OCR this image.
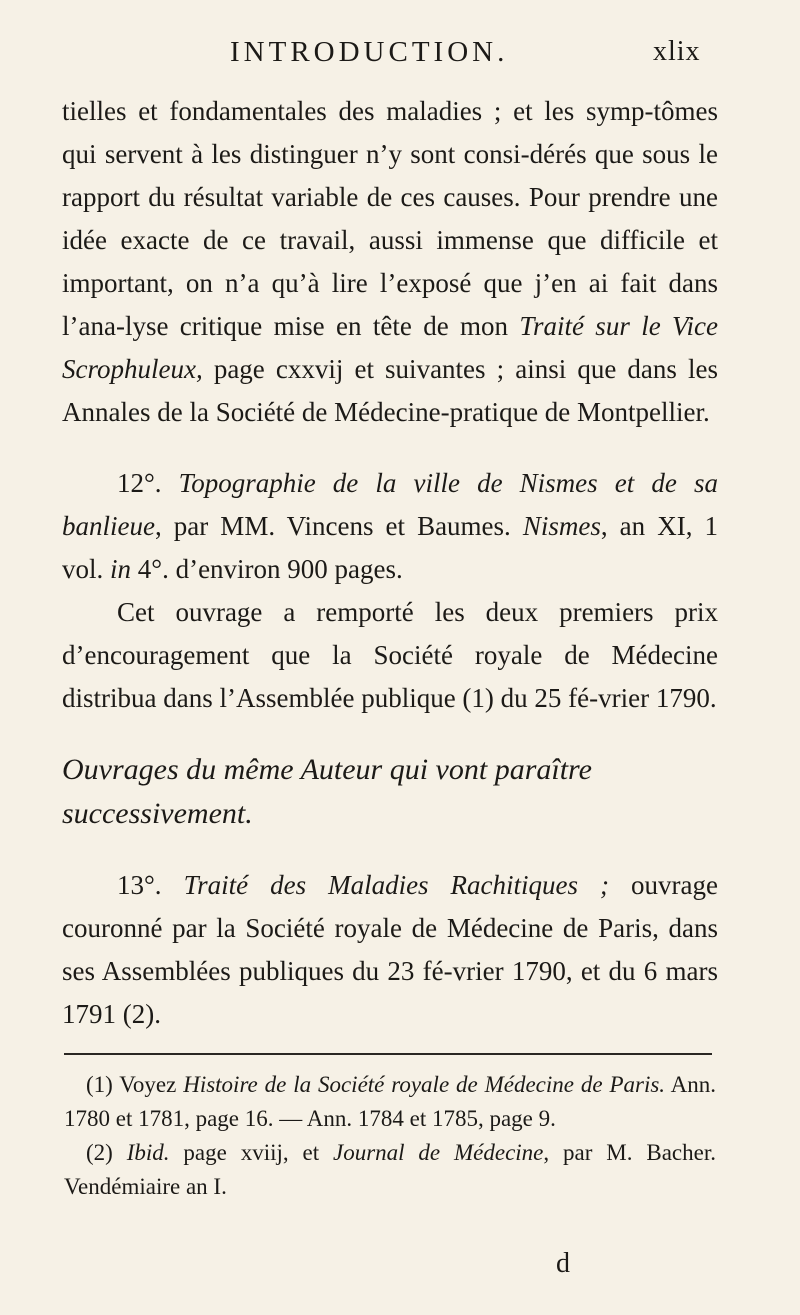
INTRODUCTION.	xlix

tielles et fondamentales des maladies ; et les symp-tômes qui servent à les distinguer n’y sont consi-dérés que sous le rapport du résultat variable de ces causes. Pour prendre une idée exacte de ce travail, aussi immense que difficile et important, on n’a qu’à lire l’exposé que j’en ai fait dans l’ana-lyse critique mise en tête de mon Traité sur le Vice Scrophuleux, page cxxvij et suivantes ; ainsi que dans les Annales de la Société de Médecine-pratique de Montpellier.

12°. Topographie de la ville de Nismes et de sa banlieue, par MM. Vincens et Baumes. Nismes, an XI, 1 vol. in 4°. d’environ 900 pages.

Cet ouvrage a remporté les deux premiers prix d’encouragement que la Société royale de Médecine distribua dans l’Assemblée publique (1) du 25 fé-vrier 1790.

Ouvrages du même Auteur qui vont paraître
successivement.

13°. Traité des Maladies Rachitiques ; ouvrage couronné par la Société royale de Médecine de Paris, dans ses Assemblées publiques du 23 fé-vrier 1790, et du 6 mars 1791 (2).

(1) Voyez Histoire de la Société royale de Médecine de Paris. Ann. 1780 et 1781, page 16. — Ann. 1784 et 1785, page 9.

(2) Ibid. page xviij, et Journal de Médecine, par M. Bacher. Vendémiaire an I.

d
